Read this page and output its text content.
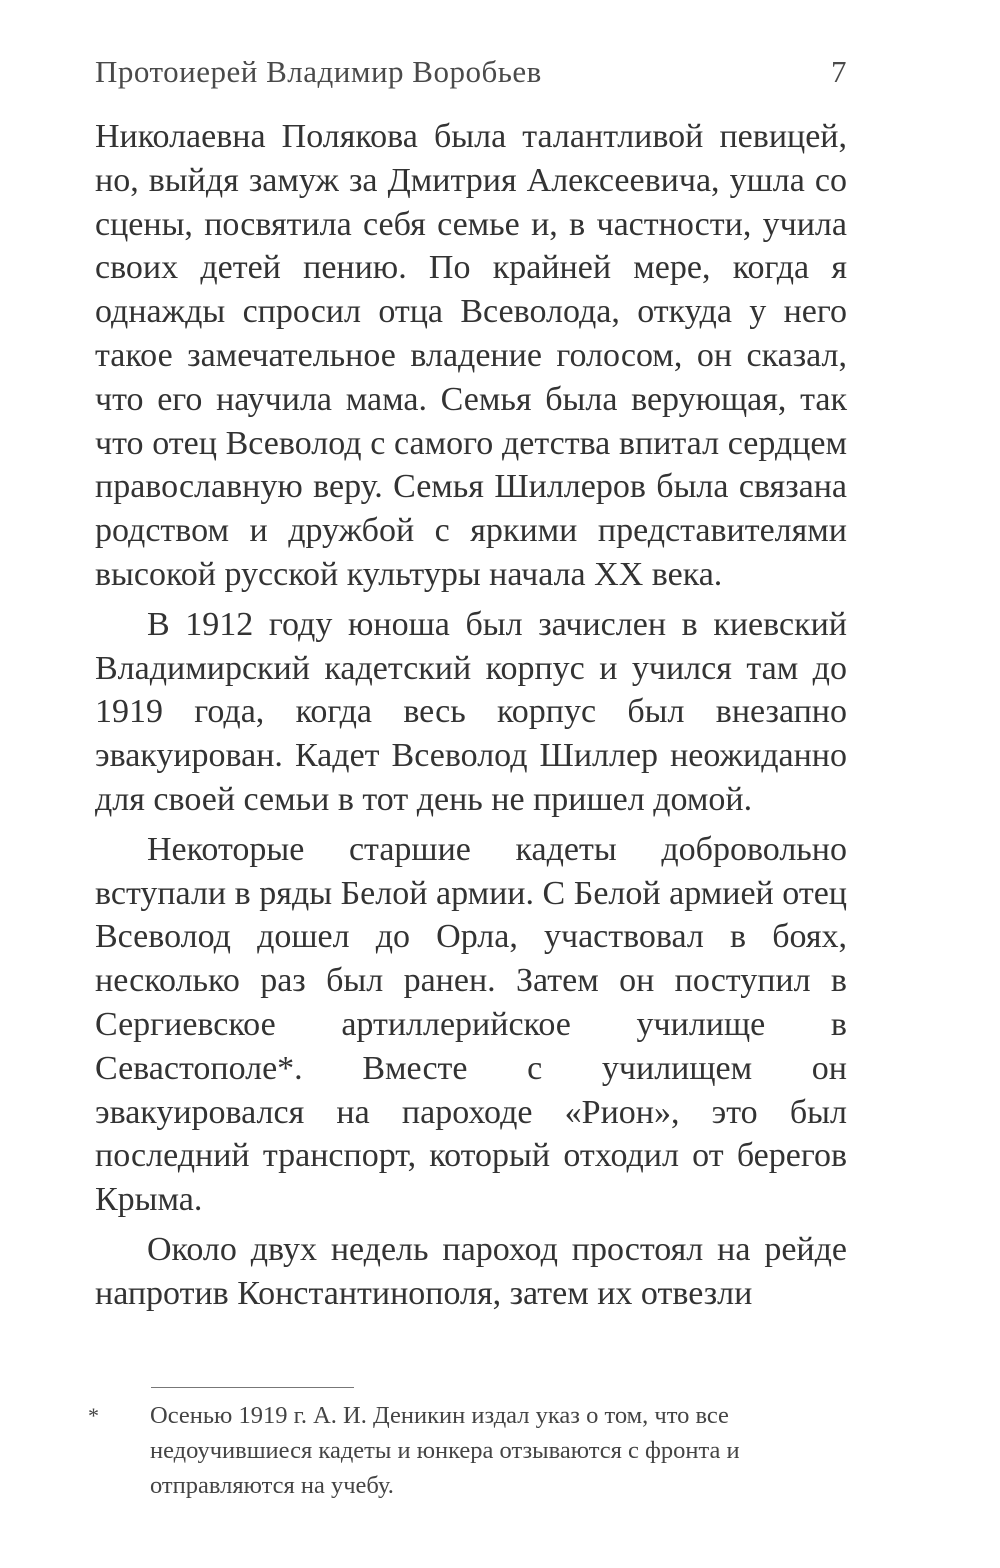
Протоиерей Владимир Воробьев	7

Николаевна Полякова была талантливой певицей, но, выйдя замуж за Дмитрия Алексеевича, ушла со сцены, посвятила себя семье и, в частности, учила своих детей пению. По крайней мере, когда я однажды спросил отца Всеволода, откуда у него такое замечательное владение голосом, он сказал, что его научила мама. Семья была верующая, так что отец Всеволод с самого детства впитал сердцем православную веру. Семья Шиллеров была связана родством и дружбой с яркими представителями высокой русской культуры начала XX века.

В 1912 году юноша был зачислен в киевский Владимирский кадетский корпус и учился там до 1919 года, когда весь корпус был внезапно эвакуирован. Кадет Всеволод Шиллер неожиданно для своей семьи в тот день не пришел домой.

Некоторые старшие кадеты добровольно вступали в ряды Белой армии. С Белой армией отец Всеволод дошел до Орла, участвовал в боях, несколько раз был ранен. Затем он поступил в Сергиевское артиллерийское училище в Севастополе*. Вместе с училищем он эвакуировался на пароходе «Рион», это был последний транспорт, который отходил от берегов Крыма.

Около двух недель пароход простоял на рейде напротив Константинополя, затем их отвезли

*	Осенью 1919 г. А. И. Деникин издал указ о том, что все недоучившиеся кадеты и юнкера отзываются с фронта и отправляются на учебу.
